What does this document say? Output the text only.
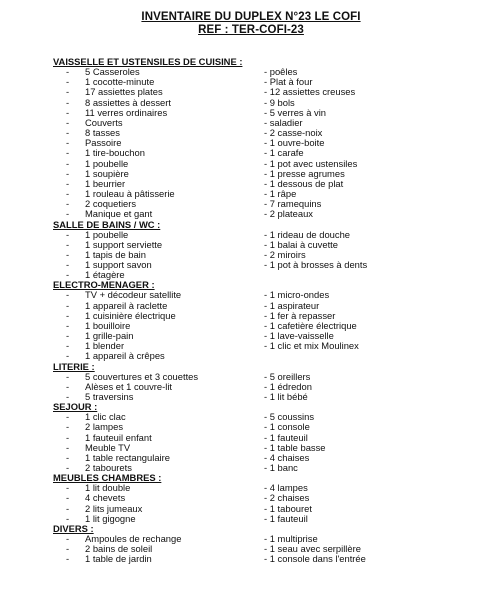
INVENTAIRE DU DUPLEX N°23 LE COFI
REF : TER-COFI-23
VAISSELLE ET USTENSILES DE CUISINE :
- 5 Casseroles	- poêles
- 1 cocotte-minute	- Plat à four
- 17 assiettes plates	- 12 assiettes creuses
- 8 assiettes à dessert	- 9 bols
- 11 verres ordinaires	- 5 verres à vin
- Couverts	- saladier
- 8 tasses	- 2 casse-noix
- Passoire	- 1 ouvre-boite
- 1 tire-bouchon	- 1 carafe
- 1 poubelle	- 1 pot avec ustensiles
- 1 soupière	- 1 presse agrumes
- 1 beurrier	- 1 dessous de plat
- 1 rouleau à pâtisserie	- 1 râpe
- 2 coquetiers	- 7 ramequins
- Manique et gant	- 2 plateaux
SALLE DE BAINS / WC :
- 1 poubelle	- 1 rideau de douche
- 1 support serviette	- 1 balai à cuvette
- 1 tapis de bain	- 2 miroirs
- 1 support savon	- 1 pot à brosses à dents
- 1 étagère
ELECTRO-MENAGER :
- TV + décodeur satellite	- 1 micro-ondes
- 1 appareil à raclette	- 1 aspirateur
- 1 cuisinière électrique	- 1 fer à repasser
- 1 bouilloire	- 1 cafetière électrique
- 1 grille-pain	- 1 lave-vaisselle
- 1 blender	- 1 clic et mix Moulinex
- 1 appareil à crêpes
LITERIE :
- 5 couvertures et 3 couettes	- 5 oreillers
- Alèses et 1 couvre-lit	- 1 édredon
- 5 traversins	- 1 lit bébé
SEJOUR :
- 1 clic clac	- 5 coussins
- 2 lampes	- 1 console
- 1 fauteuil enfant	- 1 fauteuil
- Meuble TV	- 1 table basse
- 1 table rectangulaire	- 4 chaises
- 2 tabourets	- 1 banc
MEUBLES CHAMBRES :
- 1 lit double	- 4 lampes
- 4 chevets	- 2 chaises
- 2 lits jumeaux	- 1 tabouret
- 1 lit gigogne	- 1 fauteuil
DIVERS :
- Ampoules de rechange	- 1 multiprise
- 2 bains de soleil	- 1 seau avec serpillère
- 1 table de jardin	- 1 console dans l'entrée
